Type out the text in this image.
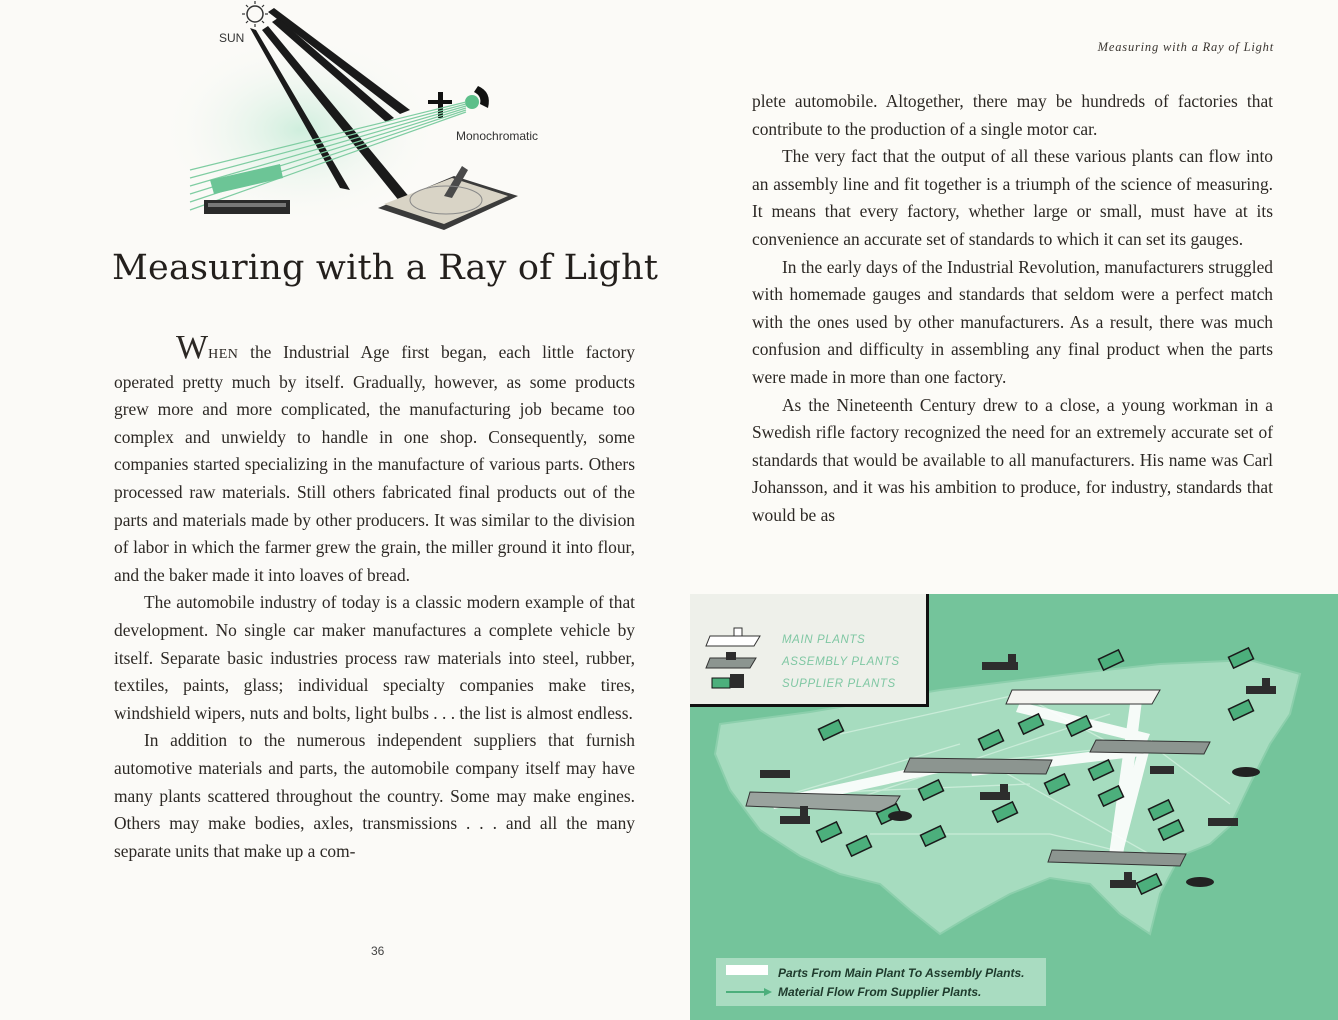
SUN
Monochromatic
Measuring with a Ray of Light

WHEN the Industrial Age first began, each little factory operated pretty much by itself. Gradually, however, as some products grew more and more complicated, the manufacturing job became too complex and unwieldy to handle in one shop. Consequently, some companies started specializing in the manufacture of various parts. Others processed raw materials. Still others fabricated final products out of the parts and materials made by other producers. It was similar to the division of labor in which the farmer grew the grain, the miller ground it into flour, and the baker made it into loaves of bread.

The automobile industry of today is a classic modern example of that development. No single car maker manufactures a complete vehicle by itself. Separate basic industries process raw materials into steel, rubber, textiles, paints, glass; individual specialty companies make tires, windshield wipers, nuts and bolts, light bulbs . . . the list is almost endless.

In addition to the numerous independent suppliers that furnish automotive materials and parts, the automobile company itself may have many plants scattered throughout the country. Some may make engines. Others may make bodies, axles, transmissions . . . and all the many separate units that make up a com-

36
Measuring with a Ray of Light

plete automobile. Altogether, there may be hundreds of factories that contribute to the production of a single motor car.

The very fact that the output of all these various plants can flow into an assembly line and fit together is a triumph of the science of measuring. It means that every factory, whether large or small, must have at its convenience an accurate set of standards to which it can set its gauges.

In the early days of the Industrial Revolution, manufacturers struggled with homemade gauges and standards that seldom were a perfect match with the ones used by other manufacturers. As a result, there was much confusion and difficulty in assembling any final product when the parts were made in more than one factory.

As the Nineteenth Century drew to a close, a young workman in a Swedish rifle factory recognized the need for an extremely accurate set of standards that would be available to all manufacturers. His name was Carl Johansson, and it was his ambition to produce, for industry, standards that would be as

MAIN PLANTS
ASSEMBLY PLANTS
SUPPLIER PLANTS
Parts From Main Plant To Assembly Plants.
Material Flow From Supplier Plants.
